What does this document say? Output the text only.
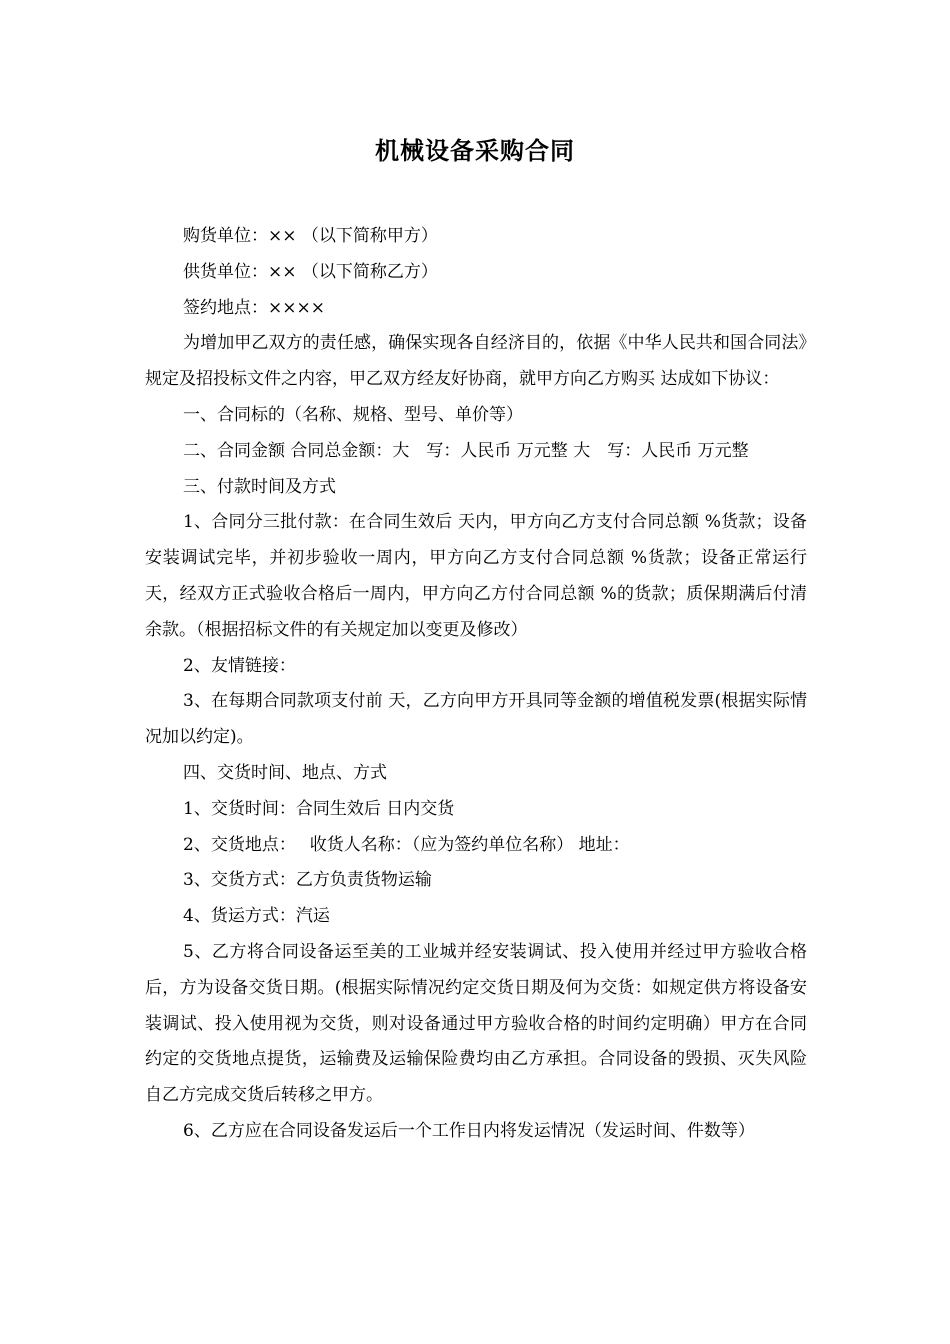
机械设备采购合同

购货单位：×× （以下简称甲方）

供货单位：×× （以下简称乙方）

签约地点：××××

为增加甲乙双方的责任感，确保实现各自经济目的，依据《中华人民共和国合同法》规定及招投标文件之内容，甲乙双方经友好协商，就甲方向乙方购买 达成如下协议：

一、合同标的（名称、规格、型号、单价等）

二、合同金额 合同总金额：大　写：人民币 万元整 大　写：人民币 万元整

三、付款时间及方式

1、合同分三批付款：在合同生效后 天内，甲方向乙方支付合同总额 %货款；设备安装调试完毕，并初步验收一周内，甲方向乙方支付合同总额 %货款；设备正常运行 天，经双方正式验收合格后一周内，甲方向乙方付合同总额 %的货款；质保期满后付清余款。（根据招标文件的有关规定加以变更及修改）

2、友情链接：

3、在每期合同款项支付前 天，乙方向甲方开具同等金额的增值税发票(根据实际情况加以约定)。

四、交货时间、地点、方式

1、交货时间：合同生效后 日内交货

2、交货地点：　 收货人名称：（应为签约单位名称） 地址：

3、交货方式：乙方负责货物运输

4、货运方式：汽运

5、乙方将合同设备运至美的工业城并经安装调试、投入使用并经过甲方验收合格后，方为设备交货日期。(根据实际情况约定交货日期及何为交货：如规定供方将设备安装调试、投入使用视为交货，则对设备通过甲方验收合格的时间约定明确）甲方在合同约定的交货地点提货，运输费及运输保险费均由乙方承担。合同设备的毁损、灭失风险自乙方完成交货后转移之甲方。

6、乙方应在合同设备发运后一个工作日内将发运情况（发运时间、件数等）
